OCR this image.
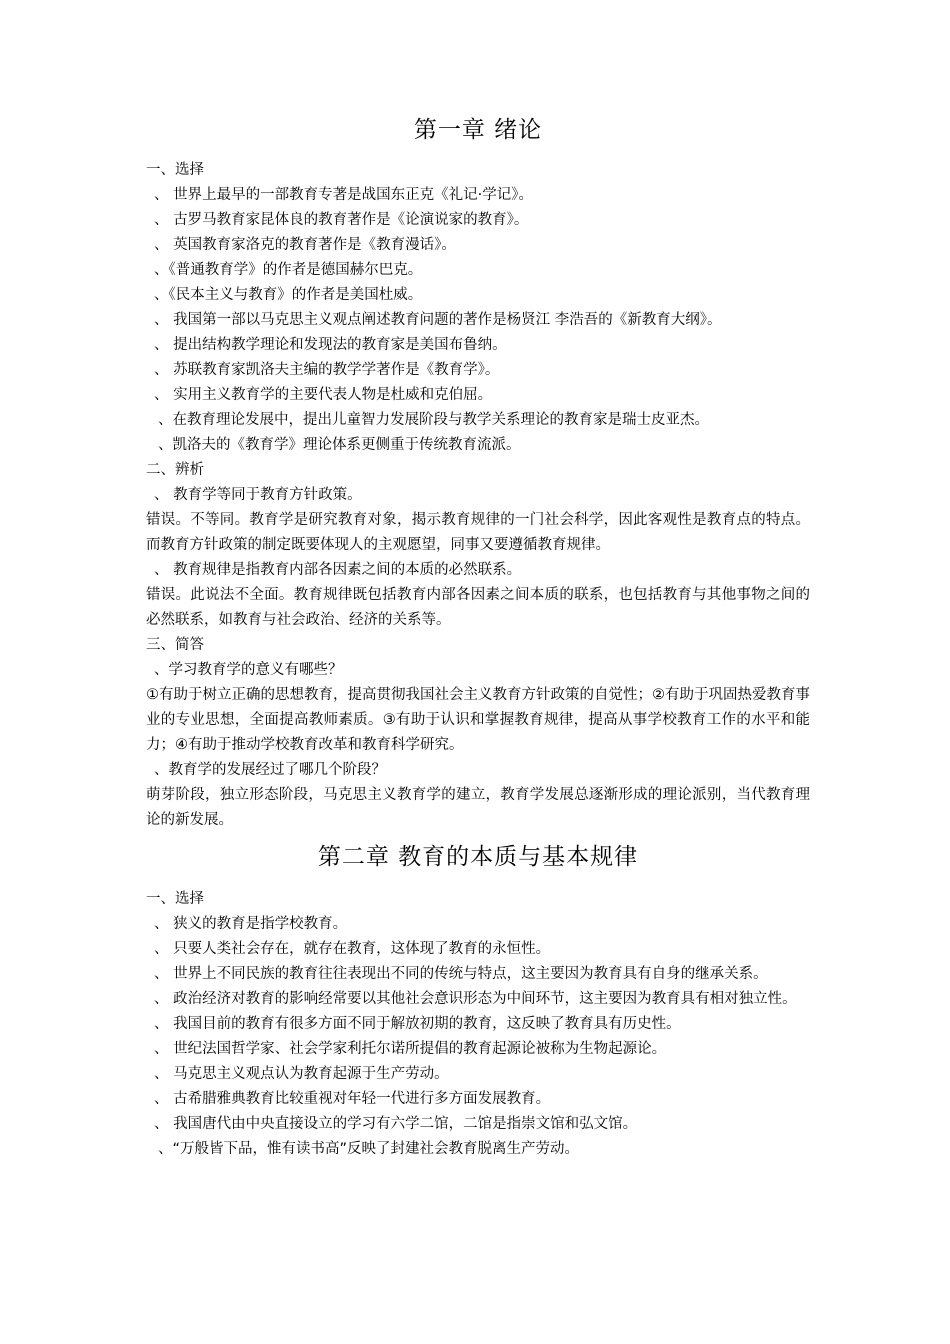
第一章 绪论

一、选择

、 世界上最早的一部教育专著是战国东正克《礼记·学记》。

、 古罗马教育家昆体良的教育著作是《论演说家的教育》。

、 英国教育家洛克的教育著作是《教育漫话》。

、《普通教育学》的作者是德国赫尔巴克。

、《民本主义与教育》的作者是美国杜威。

、 我国第一部以马克思主义观点阐述教育问题的著作是杨贤江 李浩吾的《新教育大纲》。

、 提出结构教学理论和发现法的教育家是美国布鲁纳。

、 苏联教育家凯洛夫主编的教学学著作是《教育学》。

、 实用主义教育学的主要代表人物是杜威和克伯屈。

、在教育理论发展中，提出儿童智力发展阶段与教学关系理论的教育家是瑞士皮亚杰。

、凯洛夫的《教育学》理论体系更侧重于传统教育流派。

二、辨析

、 教育学等同于教育方针政策。

错误。不等同。教育学是研究教育对象，揭示教育规律的一门社会科学，因此客观性是教育点的特点。而教育方针政策的制定既要体现人的主观愿望，同事又要遵循教育规律。

、 教育规律是指教育内部各因素之间的本质的必然联系。

错误。此说法不全面。教育规律既包括教育内部各因素之间本质的联系，也包括教育与其他事物之间的必然联系，如教育与社会政治、经济的关系等。

三、简答

、学习教育学的意义有哪些？

①有助于树立正确的思想教育，提高贯彻我国社会主义教育方针政策的自觉性；②有助于巩固热爱教育事业的专业思想，全面提高教师素质。③有助于认识和掌握教育规律，提高从事学校教育工作的水平和能力；④有助于推动学校教育改革和教育科学研究。

、教育学的发展经过了哪几个阶段？

萌芽阶段，独立形态阶段，马克思主义教育学的建立，教育学发展总逐渐形成的理论派别，当代教育理论的新发展。

第二章 教育的本质与基本规律

一、选择

、 狭义的教育是指学校教育。

、 只要人类社会存在，就存在教育，这体现了教育的永恒性。

、 世界上不同民族的教育往往表现出不同的传统与特点，这主要因为教育具有自身的继承关系。

、 政治经济对教育的影响经常要以其他社会意识形态为中间环节，这主要因为教育具有相对独立性。

、 我国目前的教育有很多方面不同于解放初期的教育，这反映了教育具有历史性。

、 世纪法国哲学家、社会学家利托尔诺所提倡的教育起源论被称为生物起源论。

、 马克思主义观点认为教育起源于生产劳动。

、 古希腊雅典教育比较重视对年轻一代进行多方面发展教育。

、 我国唐代由中央直接设立的学习有六学二馆，二馆是指崇文馆和弘文馆。

、“万般皆下品，惟有读书高”反映了封建社会教育脱离生产劳动。
